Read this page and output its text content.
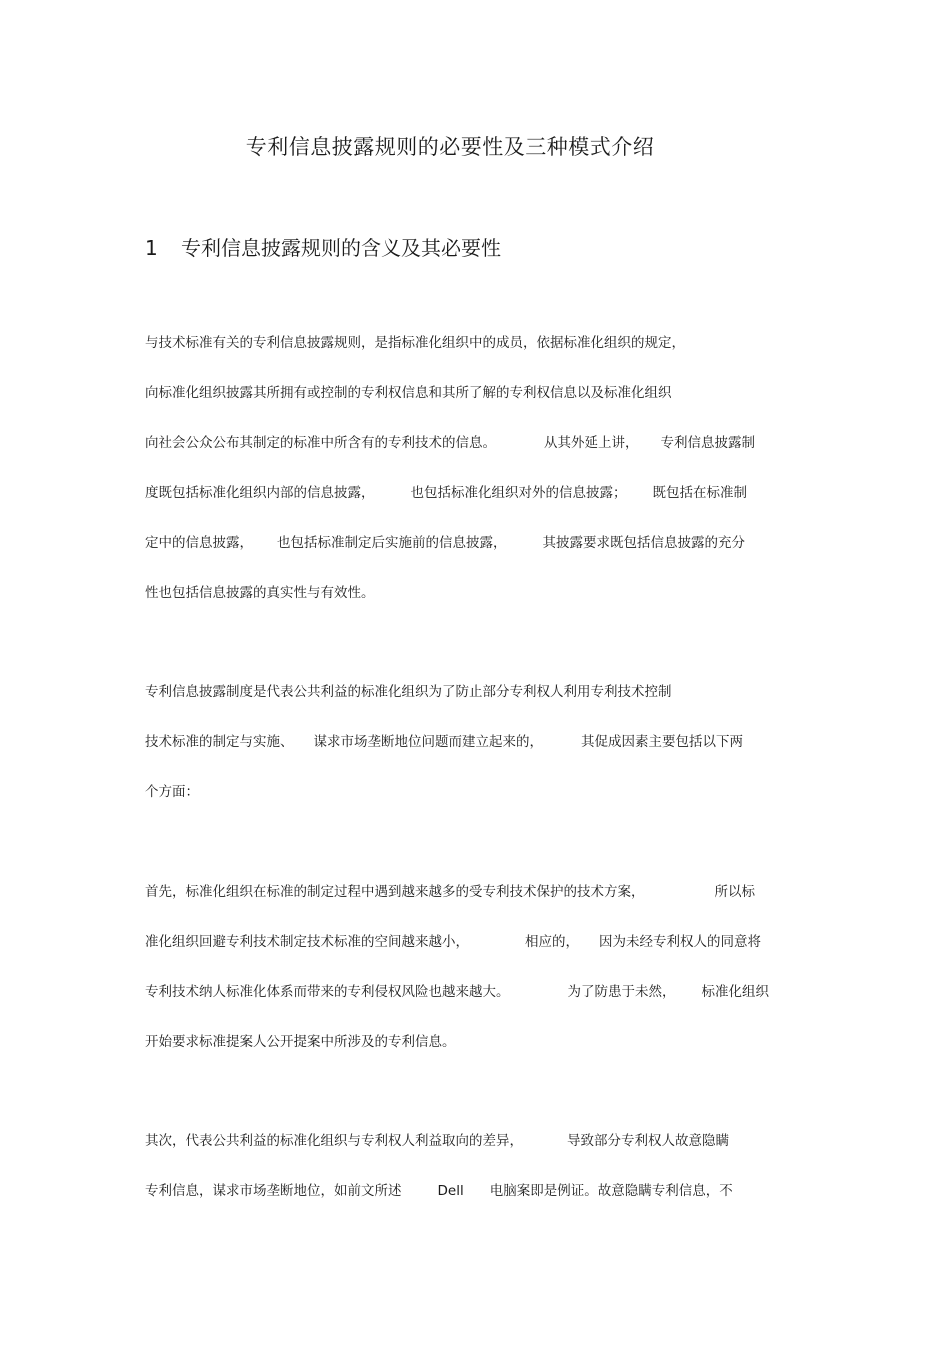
专利信息披露规则的必要性及三种模式介绍
1 专利信息披露规则的含义及其必要性
与技术标准有关的专利信息披露规则，是指标准化组织中的成员，依据标准化组织的规定，
向标准化组织披露其所拥有或控制的专利权信息和其所了解的专利权信息以及标准化组织
向社会公众公布其制定的标准中所含有的专利技术的信息。	从其外延上讲， 专利信息披露制
度既包括标准化组织内部的信息披露，	也包括标准化组织对外的信息披露； 既包括在标准制
定中的信息披露， 也包括标准制定后实施前的信息披露，	其披露要求既包括信息披露的充分
性也包括信息披露的真实性与有效性。
专利信息披露制度是代表公共利益的标准化组织为了防止部分专利权人利用专利技术控制
技术标准的制定与实施、 谋求市场垄断地位问题而建立起来的，	其促成因素主要包括以下两
个方面：
首先，标准化组织在标准的制定过程中遇到越来越多的受专利技术保护的技术方案，	所以标
准化组织回避专利技术制定技术标准的空间越来越小，	相应的， 因为未经专利权人的同意将
专利技术纳人标准化体系而带来的专利侵权风险也越来越大。	为了防患于未然， 标准化组织
开始要求标准提案人公开提案中所涉及的专利信息。
其次，代表公共利益的标准化组织与专利权人利益取向的差异，	导致部分专利权人故意隐瞒
专利信息，谋求市场垄断地位，如前文所述	Dell 电脑案即是例证。故意隐瞒专利信息，不
